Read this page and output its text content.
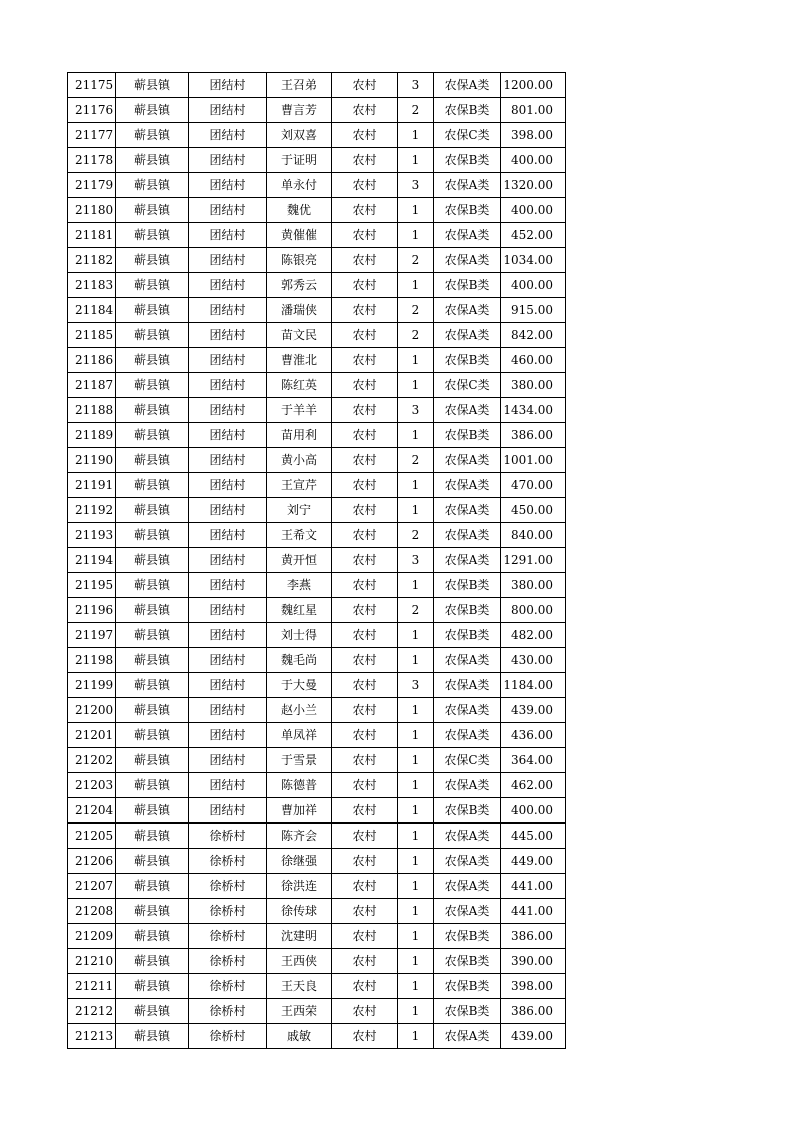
21175	蕲县镇	团结村	王召弟	农村	3	农保A类	1200.00
21176	蕲县镇	团结村	曹言芳	农村	2	农保B类	801.00
21177	蕲县镇	团结村	刘双喜	农村	1	农保C类	398.00
21178	蕲县镇	团结村	于证明	农村	1	农保B类	400.00
21179	蕲县镇	团结村	单永付	农村	3	农保A类	1320.00
21180	蕲县镇	团结村	魏优	农村	1	农保B类	400.00
21181	蕲县镇	团结村	黄催催	农村	1	农保A类	452.00
21182	蕲县镇	团结村	陈银亮	农村	2	农保A类	1034.00
21183	蕲县镇	团结村	郭秀云	农村	1	农保B类	400.00
21184	蕲县镇	团结村	潘瑞侠	农村	2	农保A类	915.00
21185	蕲县镇	团结村	苗文民	农村	2	农保A类	842.00
21186	蕲县镇	团结村	曹淮北	农村	1	农保B类	460.00
21187	蕲县镇	团结村	陈红英	农村	1	农保C类	380.00
21188	蕲县镇	团结村	于羊羊	农村	3	农保A类	1434.00
21189	蕲县镇	团结村	苗用利	农村	1	农保B类	386.00
21190	蕲县镇	团结村	黄小高	农村	2	农保A类	1001.00
21191	蕲县镇	团结村	王宣芹	农村	1	农保A类	470.00
21192	蕲县镇	团结村	刘宁	农村	1	农保A类	450.00
21193	蕲县镇	团结村	王希文	农村	2	农保A类	840.00
21194	蕲县镇	团结村	黄开恒	农村	3	农保A类	1291.00
21195	蕲县镇	团结村	李燕	农村	1	农保B类	380.00
21196	蕲县镇	团结村	魏红星	农村	2	农保B类	800.00
21197	蕲县镇	团结村	刘士得	农村	1	农保B类	482.00
21198	蕲县镇	团结村	魏毛尚	农村	1	农保A类	430.00
21199	蕲县镇	团结村	于大曼	农村	3	农保A类	1184.00
21200	蕲县镇	团结村	赵小兰	农村	1	农保A类	439.00
21201	蕲县镇	团结村	单凤祥	农村	1	农保A类	436.00
21202	蕲县镇	团结村	于雪景	农村	1	农保C类	364.00
21203	蕲县镇	团结村	陈德普	农村	1	农保A类	462.00
21204	蕲县镇	团结村	曹加祥	农村	1	农保B类	400.00
21205	蕲县镇	徐桥村	陈齐会	农村	1	农保A类	445.00
21206	蕲县镇	徐桥村	徐继强	农村	1	农保A类	449.00
21207	蕲县镇	徐桥村	徐洪连	农村	1	农保A类	441.00
21208	蕲县镇	徐桥村	徐传球	农村	1	农保A类	441.00
21209	蕲县镇	徐桥村	沈建明	农村	1	农保B类	386.00
21210	蕲县镇	徐桥村	王西侠	农村	1	农保B类	390.00
21211	蕲县镇	徐桥村	王天良	农村	1	农保B类	398.00
21212	蕲县镇	徐桥村	王西荣	农村	1	农保B类	386.00
21213	蕲县镇	徐桥村	戚敏	农村	1	农保A类	439.00
